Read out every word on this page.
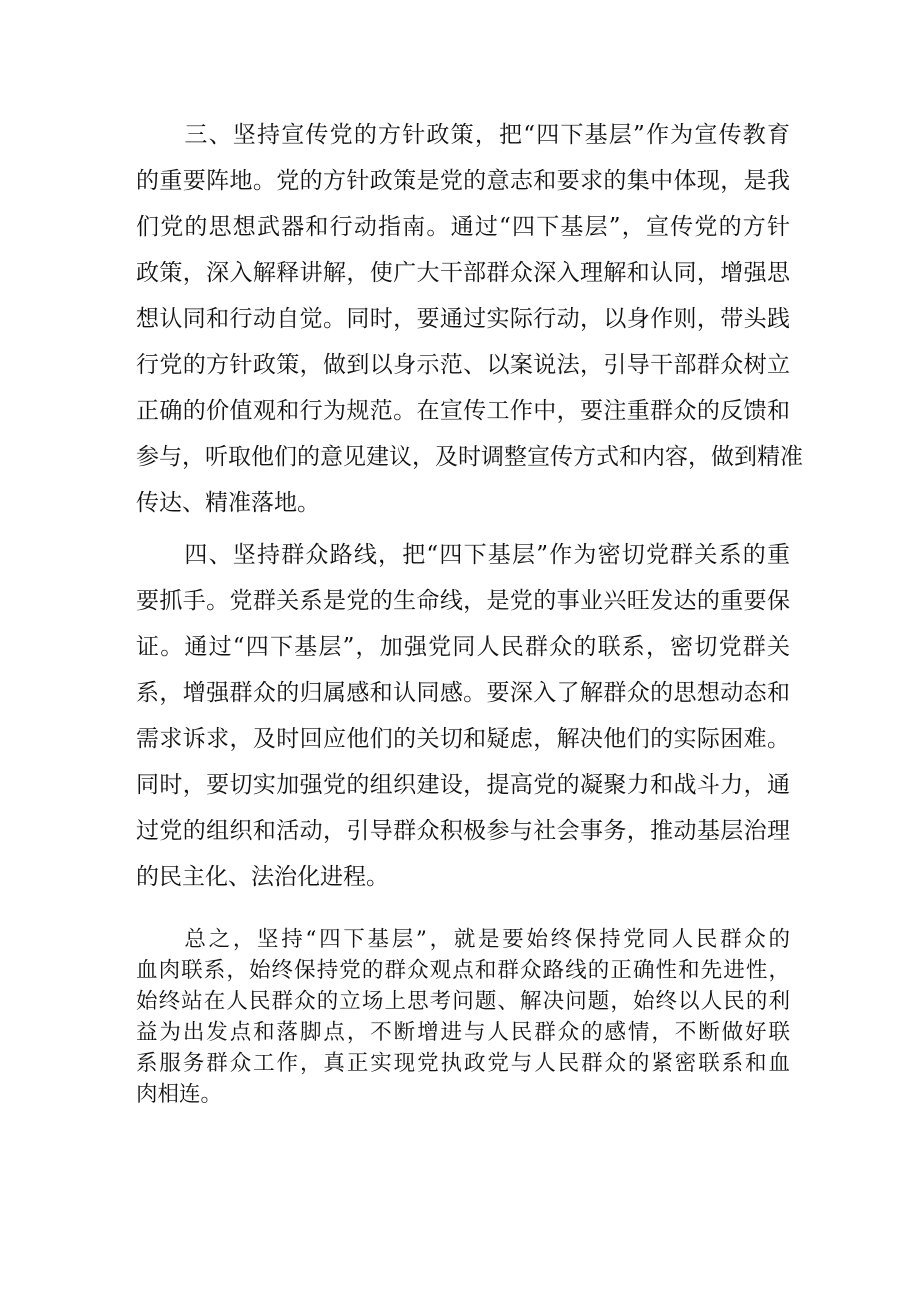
　　三、坚持宣传党的方针政策，把“四下基层”作为宣传教育
的重要阵地。党的方针政策是党的意志和要求的集中体现，是我
们党的思想武器和行动指南。通过“四下基层”，宣传党的方针
政策，深入解释讲解，使广大干部群众深入理解和认同，增强思
想认同和行动自觉。同时，要通过实际行动，以身作则，带头践
行党的方针政策，做到以身示范、以案说法，引导干部群众树立
正确的价值观和行为规范。在宣传工作中，要注重群众的反馈和
参与，听取他们的意见建议，及时调整宣传方式和内容，做到精准
传达、精准落地。
　　四、坚持群众路线，把“四下基层”作为密切党群关系的重
要抓手。党群关系是党的生命线，是党的事业兴旺发达的重要保
证。通过“四下基层”，加强党同人民群众的联系，密切党群关
系，增强群众的归属感和认同感。要深入了解群众的思想动态和
需求诉求，及时回应他们的关切和疑虑，解决他们的实际困难。
同时，要切实加强党的组织建设，提高党的凝聚力和战斗力，通
过党的组织和活动，引导群众积极参与社会事务，推动基层治理
的民主化、法治化进程。
　　总之，坚持“四下基层”，就是要始终保持党同人民群众的
血肉联系，始终保持党的群众观点和群众路线的正确性和先进性，
始终站在人民群众的立场上思考问题、解决问题，始终以人民的利
益为出发点和落脚点，不断增进与人民群众的感情，不断做好联
系服务群众工作，真正实现党执政党与人民群众的紧密联系和血
肉相连。
